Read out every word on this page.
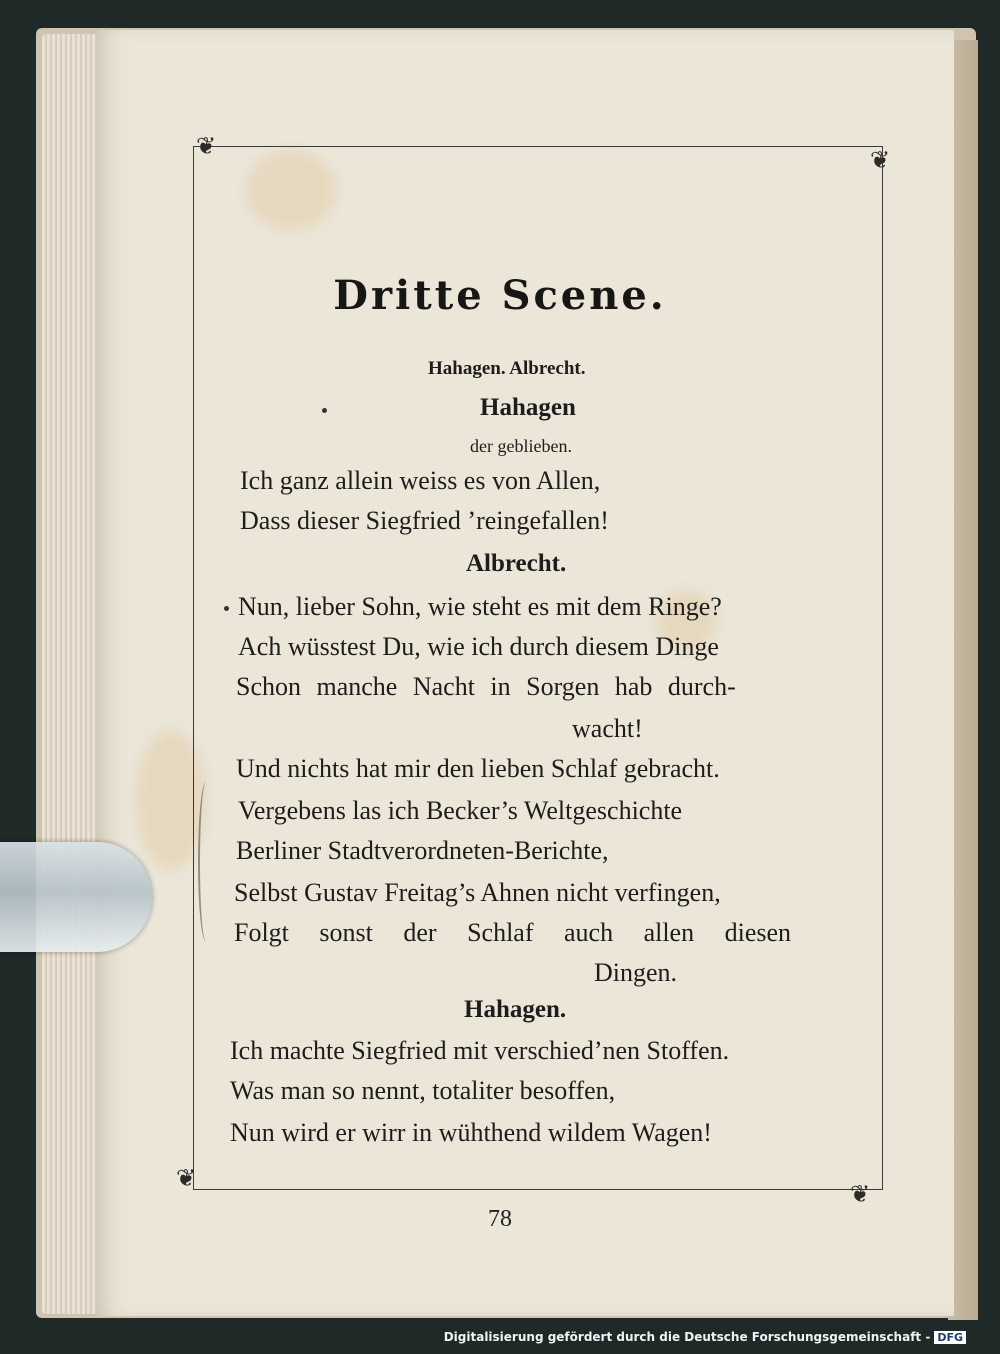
❦	❦
❦
❦
Dritte Scene.
Hahagen. Albrecht.
Hahagen
der geblieben.
Ich ganz allein weiss es von Allen,
Dass dieser Siegfried ’reingefallen!
Albrecht.
Nun, lieber Sohn, wie steht es mit dem Ringe?
Ach wüsstest Du, wie ich durch diesem Dinge
Schon manche Nacht in Sorgen hab durch-
wacht!
Und nichts hat mir den lieben Schlaf gebracht.
Vergebens las ich Becker’s Weltgeschichte
Berliner Stadtverordneten-Berichte,
Selbst Gustav Freitag’s Ahnen nicht verfingen,
Folgt sonst der Schlaf auch allen diesen
Dingen.
Hahagen.
Ich machte Siegfried mit verschied’nen Stoffen.
Was man so nennt, totaliter besoffen,
Nun wird er wirr in wühthend wildem Wagen!
78
Digitalisierung gefördert durch die Deutsche Forschungsgemeinschaft - DFG
